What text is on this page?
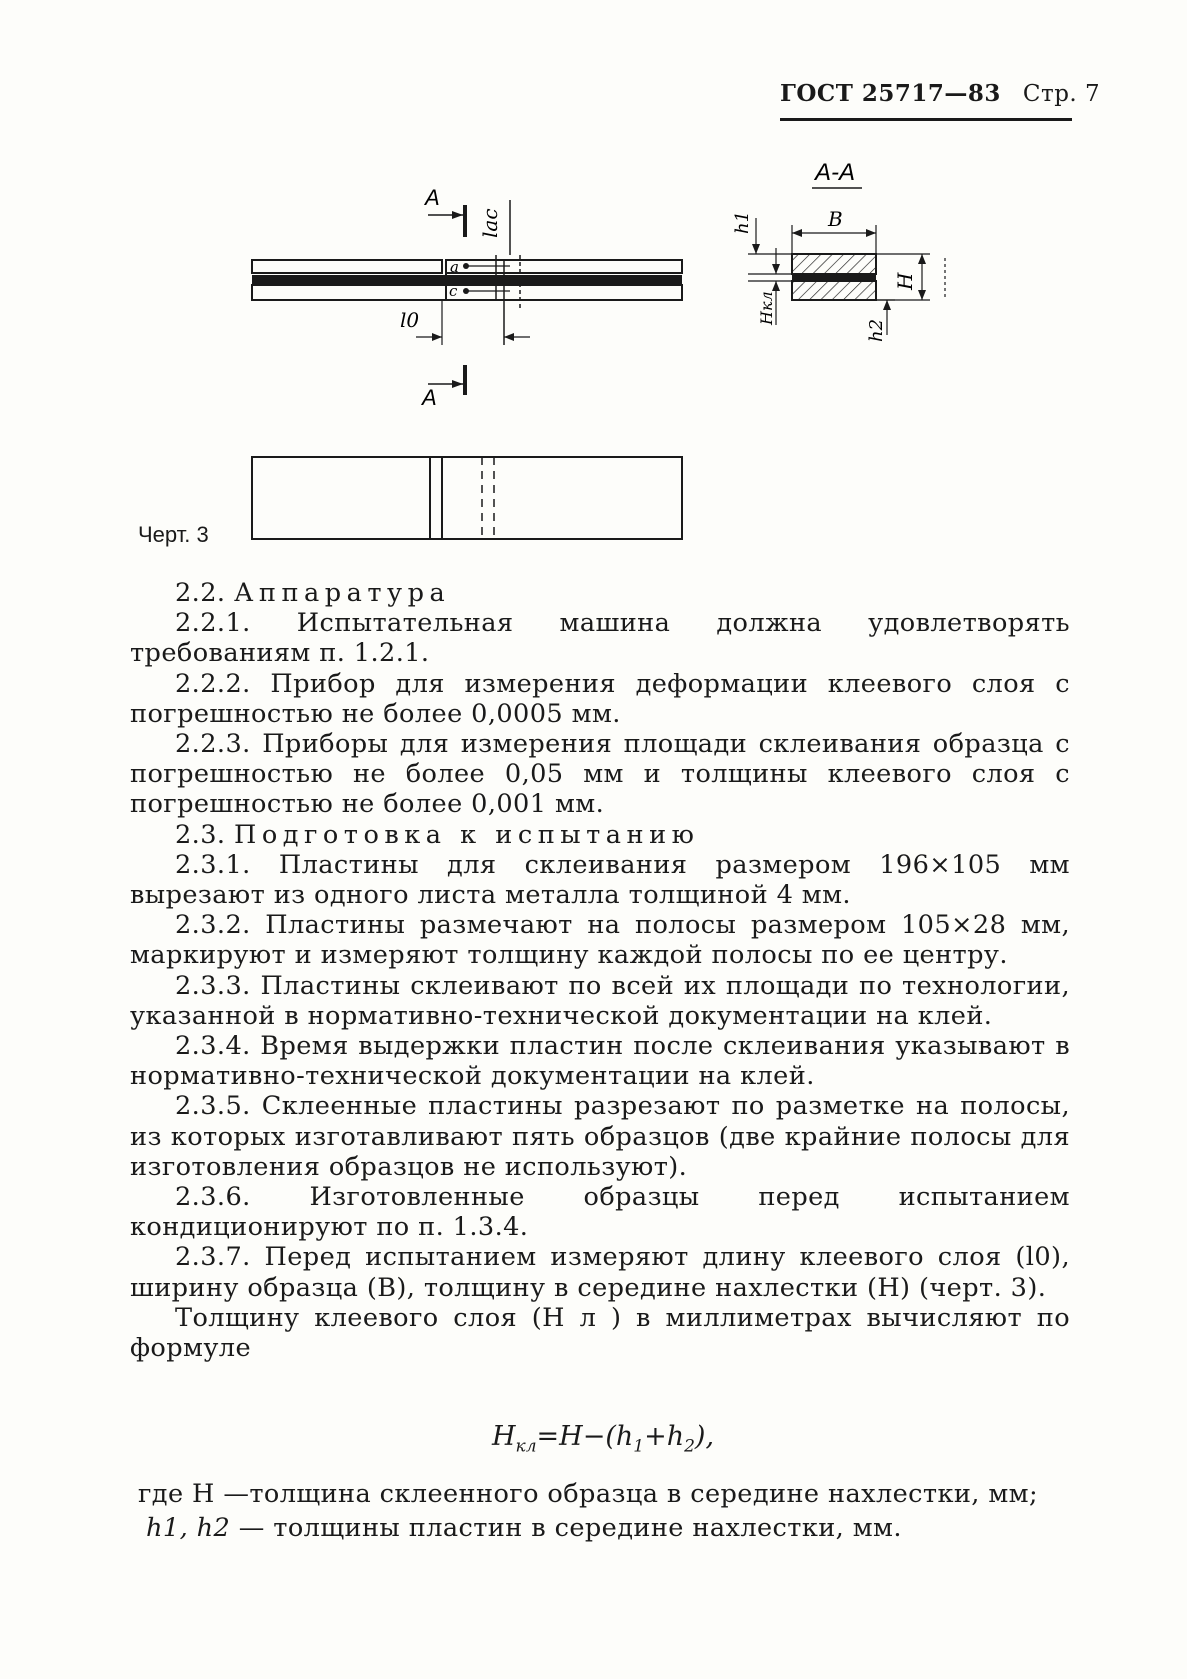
ГОСТ 25717—83 Стр. 7
a
c
lac
А
А
l0
А-А
B
H
h1
Hкл
h2
Черт. 3

2.2. Аппаратура

2.2.1. Испытательная машина должна удовлетворять требованиям п. 1.2.1.

2.2.2. Прибор для измерения деформации клеевого слоя с погрешностью не более 0,0005 мм.

2.2.3. Приборы для измерения площади склеивания образца с погрешностью не более 0,05 мм и толщины клеевого слоя с погрешностью не более 0,001 мм.

2.3. Подготовка к испытанию

2.3.1. Пластины для склеивания размером 196×105 мм вырезают из одного листа металла толщиной 4 мм.

2.3.2. Пластины размечают на полосы размером 105×28 мм, маркируют и измеряют толщину каждой полосы по ее центру.

2.3.3. Пластины склеивают по всей их площади по технологии, указанной в нормативно-технической документации на клей.

2.3.4. Время выдержки пластин после склеивания указывают в нормативно-технической документации на клей.

2.3.5. Склеенные пластины разрезают по разметке на полосы, из которых изготавливают пять образцов (две крайние полосы для изготовления образцов не используют).

2.3.6. Изготовленные образцы перед испытанием кондиционируют по п. 1.3.4.

2.3.7. Перед испытанием измеряют длину клеевого слоя (l0), ширину образца (B), толщину в середине нахлестки (H) (черт. 3).

Толщину клеевого слоя (H л ) в миллиметрах вычисляют по формуле

$H_{кл}=H-(h_1+h_2)$,
где H —толщина склеенного образца в середине нахлестки, мм;
h1, h2 — толщины пластин в середине нахлестки, мм.
